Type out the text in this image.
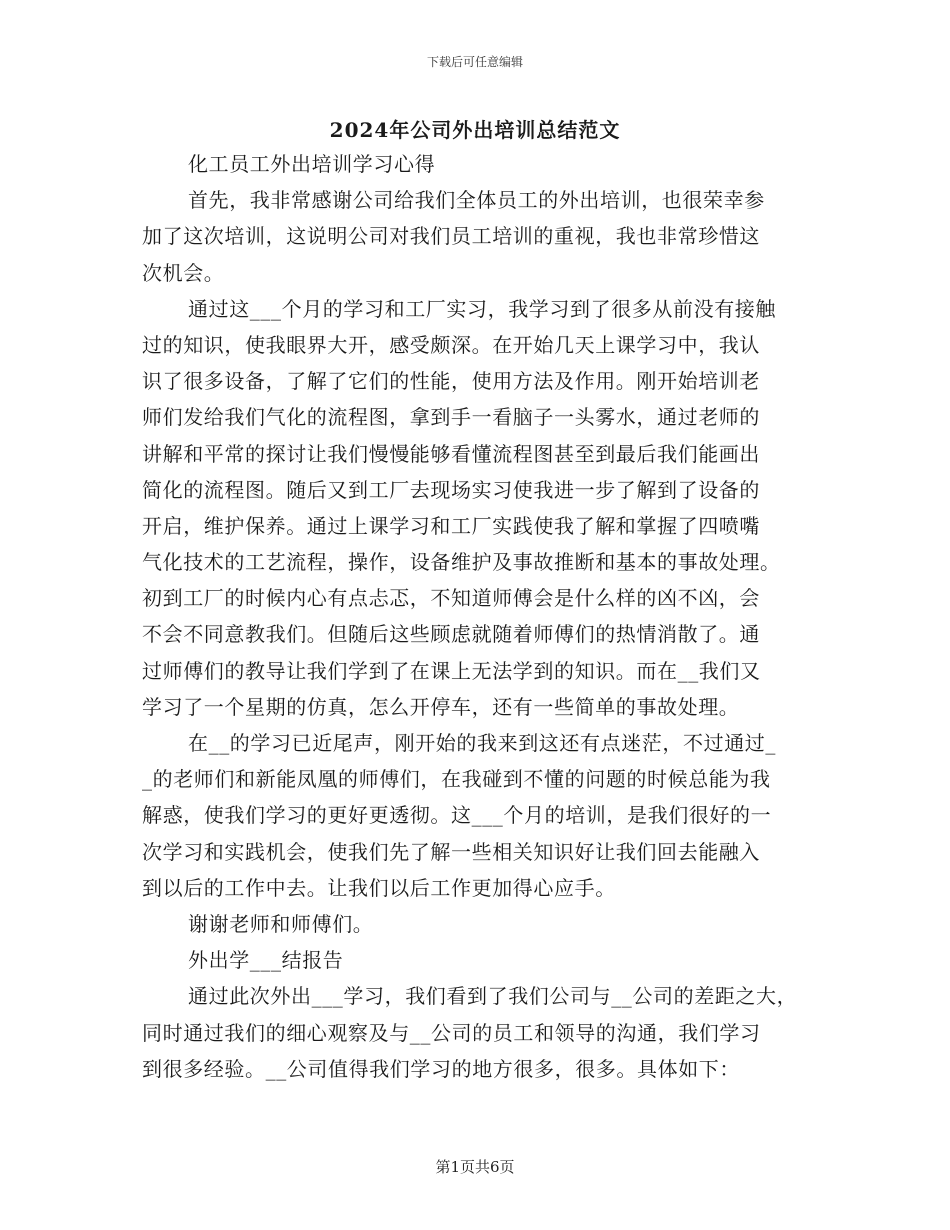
下载后可任意编辑
2024年公司外出培训总结范文
化工员工外出培训学习心得
首先，我非常感谢公司给我们全体员工的外出培训，也很荣幸参
加了这次培训，这说明公司对我们员工培训的重视，我也非常珍惜这
次机会。
通过这___个月的学习和工厂实习，我学习到了很多从前没有接触
过的知识，使我眼界大开，感受颇深。在开始几天上课学习中，我认
识了很多设备，了解了它们的性能，使用方法及作用。刚开始培训老
师们发给我们气化的流程图，拿到手一看脑子一头雾水，通过老师的
讲解和平常的探讨让我们慢慢能够看懂流程图甚至到最后我们能画出
简化的流程图。随后又到工厂去现场实习使我进一步了解到了设备的
开启，维护保养。通过上课学习和工厂实践使我了解和掌握了四喷嘴
气化技术的工艺流程，操作，设备维护及事故推断和基本的事故处理。
初到工厂的时候内心有点忐忑，不知道师傅会是什么样的凶不凶，会
不会不同意教我们。但随后这些顾虑就随着师傅们的热情消散了。通
过师傅们的教导让我们学到了在课上无法学到的知识。而在__我们又
学习了一个星期的仿真，怎么开停车，还有一些简单的事故处理。
在__的学习已近尾声，刚开始的我来到这还有点迷茫，不过通过_
_的老师们和新能凤凰的师傅们，在我碰到不懂的问题的时候总能为我
解惑，使我们学习的更好更透彻。这___个月的培训，是我们很好的一
次学习和实践机会，使我们先了解一些相关知识好让我们回去能融入
到以后的工作中去。让我们以后工作更加得心应手。
谢谢老师和师傅们。
外出学___结报告
通过此次外出___学习，我们看到了我们公司与__公司的差距之大，
同时通过我们的细心观察及与__公司的员工和领导的沟通，我们学习
到很多经验。__公司值得我们学习的地方很多，很多。具体如下：
第1页共6页
